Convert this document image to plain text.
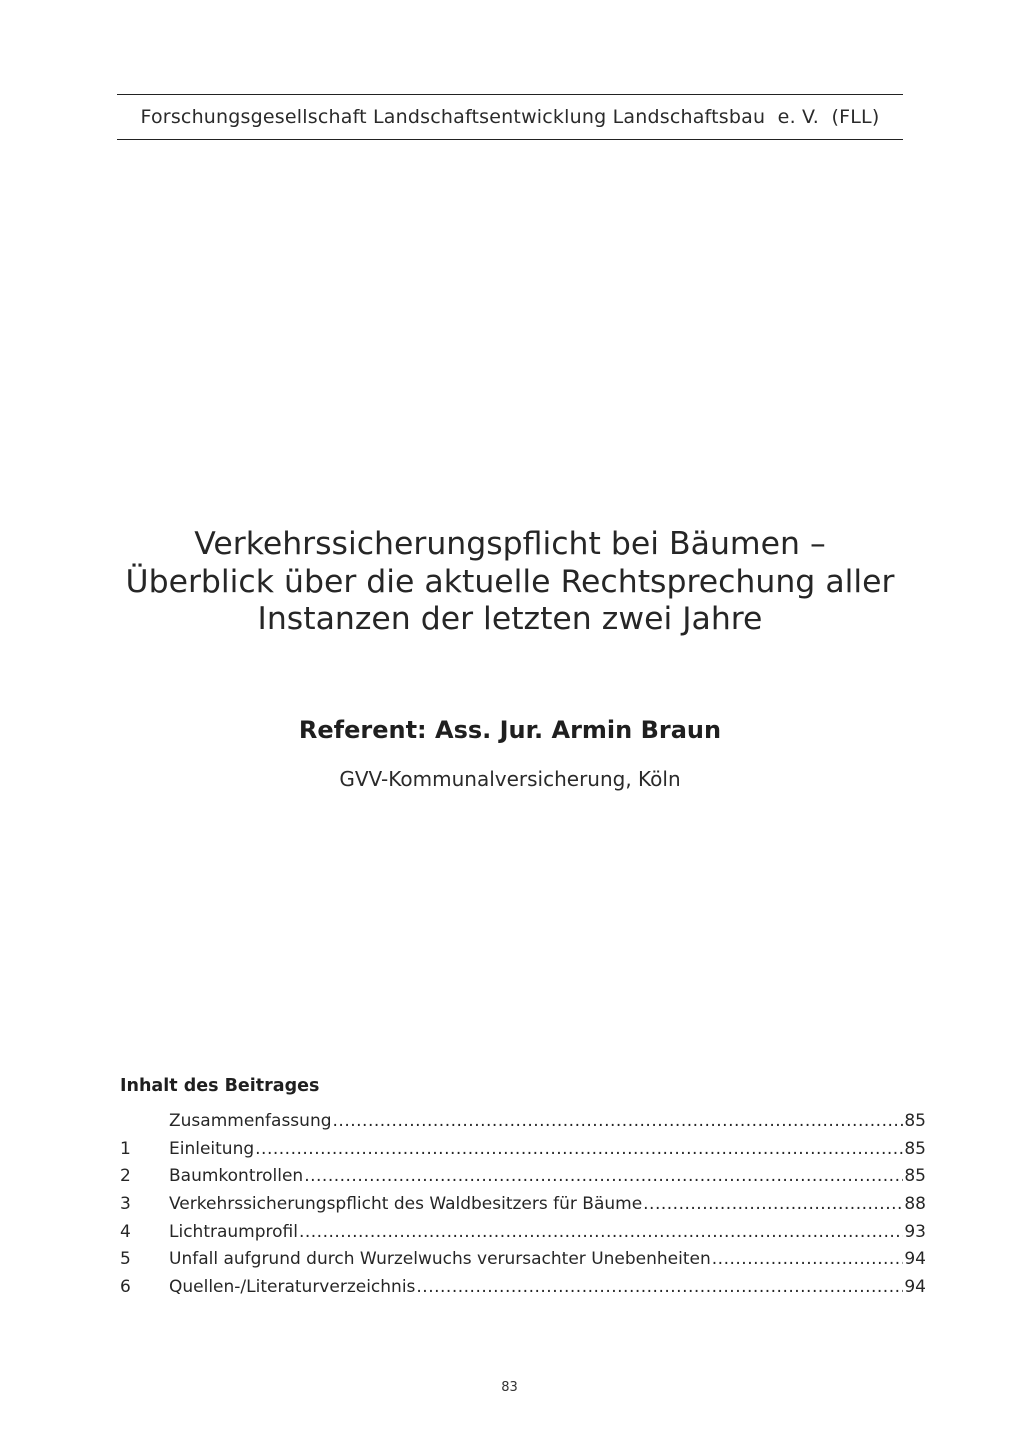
Forschungsgesellschaft Landschaftsentwicklung Landschaftsbau  e. V.  (FLL)
Verkehrssicherungspflicht bei Bäumen –
Überblick über die aktuelle Rechtsprechung aller
Instanzen der letzten zwei Jahre
Referent: Ass. Jur. Armin Braun
GVV-Kommunalversicherung, Köln
Inhalt des Beitrages
Zusammenfassung .....	85
1	Einleitung .....	85
2	Baumkontrollen .....	85
3	Verkehrssicherungspflicht des Waldbesitzers für Bäume .....	88
4	Lichtraumprofil .....	93
5	Unfall aufgrund durch Wurzelwuchs verursachter Unebenheiten .....	94
6	Quellen-/Literaturverzeichnis .....	94
83
